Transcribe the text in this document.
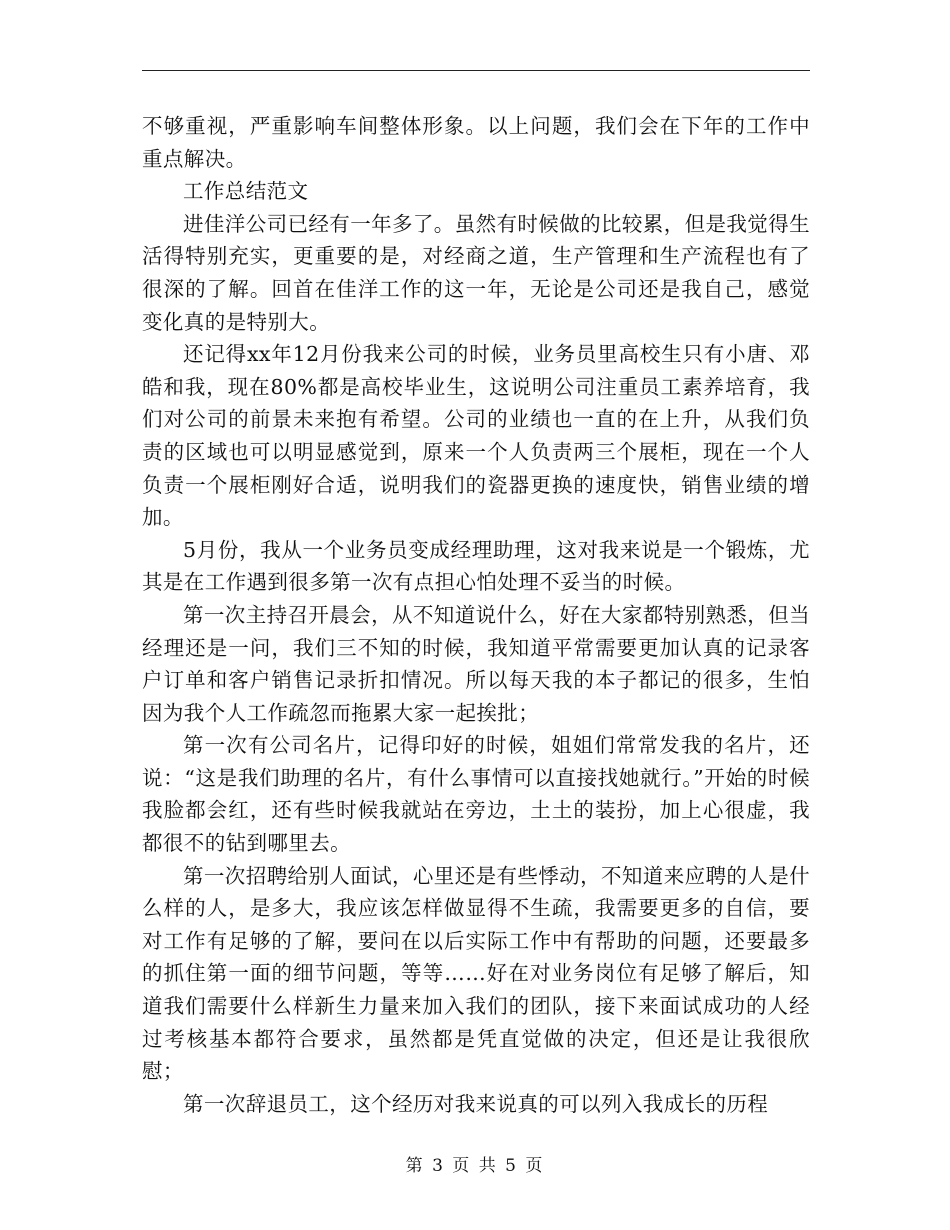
不够重视，严重影响车间整体形象。以上问题，我们会在下年的工作中重点解决。

工作总结范文

进佳洋公司已经有一年多了。虽然有时候做的比较累，但是我觉得生活得特别充实，更重要的是，对经商之道，生产管理和生产流程也有了很深的了解。回首在佳洋工作的这一年，无论是公司还是我自己，感觉变化真的是特别大。

还记得xx年12月份我来公司的时候，业务员里高校生只有小唐、邓皓和我，现在80%都是高校毕业生，这说明公司注重员工素养培育，我们对公司的前景未来抱有希望。公司的业绩也一直的在上升，从我们负责的区域也可以明显感觉到，原来一个人负责两三个展柜，现在一个人负责一个展柜刚好合适，说明我们的瓷器更换的速度快，销售业绩的增加。

5月份，我从一个业务员变成经理助理，这对我来说是一个锻炼，尤其是在工作遇到很多第一次有点担心怕处理不妥当的时候。

第一次主持召开晨会，从不知道说什么，好在大家都特别熟悉，但当经理还是一问，我们三不知的时候，我知道平常需要更加认真的记录客户订单和客户销售记录折扣情况。所以每天我的本子都记的很多，生怕因为我个人工作疏忽而拖累大家一起挨批；

第一次有公司名片，记得印好的时候，姐姐们常常发我的名片，还说：“这是我们助理的名片，有什么事情可以直接找她就行。”开始的时候我脸都会红，还有些时候我就站在旁边，土土的装扮，加上心很虚，我都很不的钻到哪里去。

第一次招聘给别人面试，心里还是有些悸动，不知道来应聘的人是什么样的人，是多大，我应该怎样做显得不生疏，我需要更多的自信，要对工作有足够的了解，要问在以后实际工作中有帮助的问题，还要最多的抓住第一面的细节问题，等等……好在对业务岗位有足够了解后，知道我们需要什么样新生力量来加入我们的团队，接下来面试成功的人经过考核基本都符合要求，虽然都是凭直觉做的决定，但还是让我很欣慰；

第一次辞退员工，这个经历对我来说真的可以列入我成长的历程

第 3 页 共 5 页
